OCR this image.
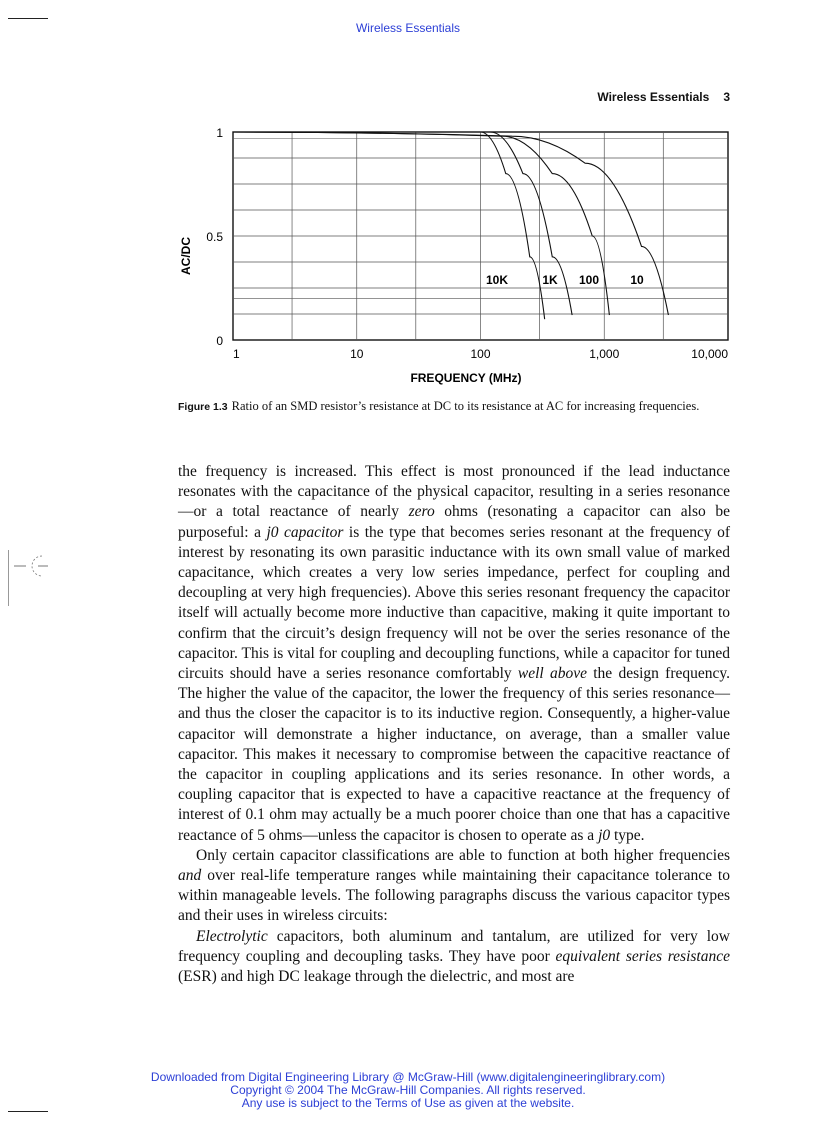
Wireless Essentials
Wireless Essentials 3
0
0.5
1
1	10	100	1,000	10,000
FREQUENCY (MHz)
AC/DC
10K	1K 100	10
Figure 1.3 Ratio of an SMD resistor’s resistance at DC to its resistance at AC for increasing frequencies.

the frequency is increased. This effect is most pronounced if the lead inductance resonates with the capacitance of the physical capacitor, resulting in a series resonance—or a total reactance of nearly zero ohms (resonating a capacitor can also be purposeful: a j0 capacitor is the type that becomes series resonant at the frequency of interest by resonating its own parasitic inductance with its own small value of marked capacitance, which creates a very low series impedance, perfect for coupling and decoupling at very high frequencies). Above this series resonant frequency the capacitor itself will actually become more inductive than capacitive, making it quite important to confirm that the circuit’s design frequency will not be over the series resonance of the capacitor. This is vital for coupling and decoupling functions, while a capacitor for tuned circuits should have a series resonance comfortably well above the design frequency. The higher the value of the capacitor, the lower the frequency of this series resonance—and thus the closer the capacitor is to its inductive region. Consequently, a higher-value capacitor will demonstrate a higher inductance, on average, than a smaller value capacitor. This makes it necessary to compromise between the capacitive reactance of the capacitor in coupling applications and its series resonance. In other words, a coupling capacitor that is expected to have a capacitive reactance at the frequency of interest of 0.1 ohm may actually be a much poorer choice than one that has a capacitive reactance of 5 ohms—unless the capacitor is chosen to operate as a j0 type.

Only certain capacitor classifications are able to function at both higher frequencies and over real-life temperature ranges while maintaining their capacitance tolerance to within manageable levels. The following paragraphs discuss the various capacitor types and their uses in wireless circuits:

Electrolytic capacitors, both aluminum and tantalum, are utilized for very low frequency coupling and decoupling tasks. They have poor equivalent series resistance (ESR) and high DC leakage through the dielectric, and most are

Downloaded from Digital Engineering Library @ McGraw-Hill (www.digitalengineeringlibrary.com)
Copyright © 2004 The McGraw-Hill Companies. All rights reserved.
Any use is subject to the Terms of Use as given at the website.
